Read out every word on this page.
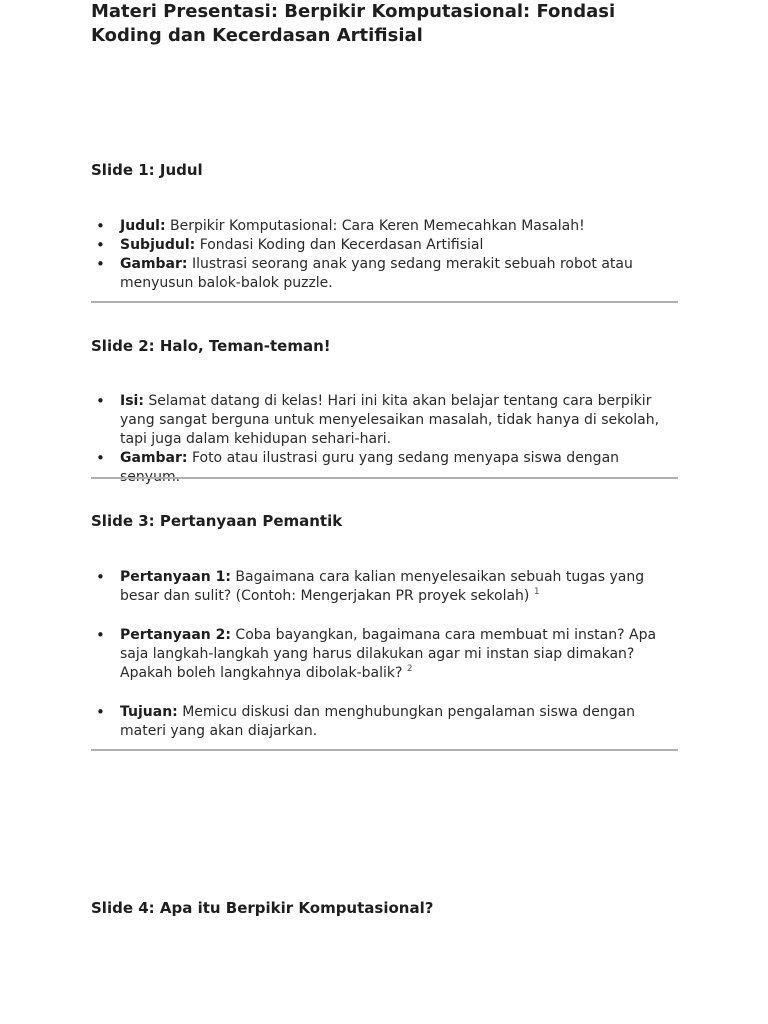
Materi Presentasi: Berpikir Komputasional: Fondasi Koding dan Kecerdasan Artifisial
Slide 1: Judul
• Judul: Berpikir Komputasional: Cara Keren Memecahkan Masalah!
• Subjudul: Fondasi Koding dan Kecerdasan Artifisial
• Gambar: Ilustrasi seorang anak yang sedang merakit sebuah robot atau menyusun balok-balok puzzle.
Slide 2: Halo, Teman-teman!
• Isi: Selamat datang di kelas! Hari ini kita akan belajar tentang cara berpikir yang sangat berguna untuk menyelesaikan masalah, tidak hanya di sekolah, tapi juga dalam kehidupan sehari-hari.
• Gambar: Foto atau ilustrasi guru yang sedang menyapa siswa dengan senyum.
Slide 3: Pertanyaan Pemantik
• Pertanyaan 1: Bagaimana cara kalian menyelesaikan sebuah tugas yang besar dan sulit? (Contoh: Mengerjakan PR proyek sekolah) $^1$
• Pertanyaan 2: Coba bayangkan, bagaimana cara membuat mi instan? Apa saja langkah-langkah yang harus dilakukan agar mi instan siap dimakan? Apakah boleh langkahnya dibolak-balik? $^2$
• Tujuan: Memicu diskusi dan menghubungkan pengalaman siswa dengan materi yang akan diajarkan.
Slide 4: Apa itu Berpikir Komputasional?
